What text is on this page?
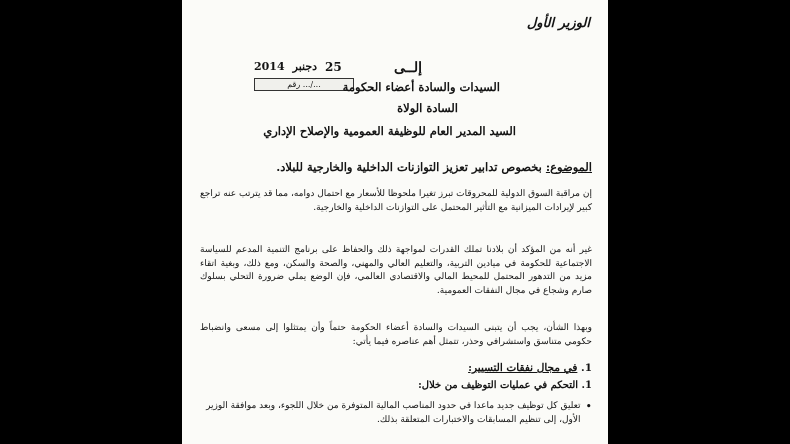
الوزير الأول
2014 دجنبر 25
رقم .../...
إلــى
السيدات والسادة أعضاء الحكومة
السادة الولاة
السيد المدير العام للوظيفة العمومية والإصلاح الإداري
الموضوع: بخصوص تدابير تعزيز التوازنات الداخلية والخارجية للبلاد.
إن مراقبة السوق الدولية للمحروقات تبرز تغيرا ملحوظا للأسعار مع احتمال دوامه، مما قد يترتب عنه تراجع كبير لإيرادات الميزانية مع التأثير المحتمل على التوازنات الداخلية والخارجية.
غير أنه من المؤكد أن بلادنا تملك القدرات لمواجهة ذلك والحفاظ على برنامج التنمية المدعم للسياسة الاجتماعية للحكومة في ميادين التربية، والتعليم العالي والمهني، والصحة والسكن، ومع ذلك، وبغية اتقاء مزيد من التدهور المحتمل للمحيط المالي والاقتصادي العالمي، فإن الوضع يملي ضرورة التحلي بسلوك صارم وشجاع في مجال النفقات العمومية.
وبهذا الشأن، يجب أن يتبنى السيدات والسادة أعضاء الحكومة حتماً وأن يمتثلوا إلى مسعى وانضباط حكومي متناسق واستشرافي وحذر، تتمثل أهم عناصره فيما يأتي:
1. في مجال نفقات التسيير:
1. التحكم في عمليات التوظيف من خلال:
•
تعليق كل توظيف جديد ماعدا في حدود المناصب المالية المتوفرة من خلال اللجوء، وبعد موافقة الوزير الأول، إلى تنظيم المسابقات والاختبارات المتعلقة بذلك.
